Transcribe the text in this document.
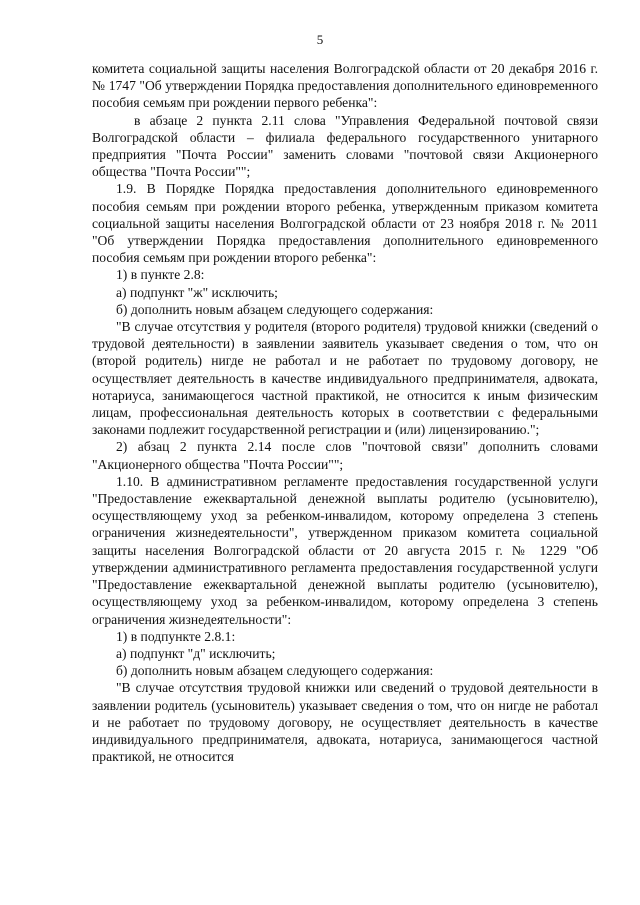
5

комитета социальной защиты населения Волгоградской области от 20 декабря 2016 г. № 1747 "Об утверждении Порядка предоставления дополнительного единовременного пособия семьям при рождении первого ребенка":

в абзаце 2 пункта 2.11 слова "Управления Федеральной почтовой связи Волгоградской области – филиала федерального государственного унитарного предприятия "Почта России" заменить словами "почтовой связи Акционерного общества "Почта России"";

1.9. В Порядке Порядка предоставления дополнительного единовременного пособия семьям при рождении второго ребенка, утвержденным приказом комитета социальной защиты населения Волгоградской области от 23 ноября 2018 г. № 2011 "Об утверждении Порядка предоставления дополнительного единовременного пособия семьям при рождении второго ребенка":

1) в пункте 2.8:

а) подпункт "ж" исключить;

б) дополнить новым абзацем следующего содержания:

"В случае отсутствия у родителя (второго родителя) трудовой книжки (сведений о трудовой деятельности) в заявлении заявитель указывает сведения о том, что он (второй родитель) нигде не работал и не работает по трудовому договору, не осуществляет деятельность в качестве индивидуального предпринимателя, адвоката, нотариуса, занимающегося частной практикой, не относится к иным физическим лицам, профессиональная деятельность которых в соответствии с федеральными законами подлежит государственной регистрации и (или) лицензированию.";

2) абзац 2 пункта 2.14 после слов "почтовой связи" дополнить словами "Акционерного общества "Почта России"";

1.10. В административном регламенте предоставления государственной услуги "Предоставление ежеквартальной денежной выплаты родителю (усыновителю), осуществляющему уход за ребенком-инвалидом, которому определена 3 степень ограничения жизнедеятельности", утвержденном приказом комитета социальной защиты населения Волгоградской области от 20 августа 2015 г. № 1229 "Об утверждении административного регламента предоставления государственной услуги "Предоставление ежеквартальной денежной выплаты родителю (усыновителю), осуществляющему уход за ребенком-инвалидом, которому определена 3 степень ограничения жизнедеятельности":

1) в подпункте 2.8.1:

а) подпункт "д" исключить;

б) дополнить новым абзацем следующего содержания:

"В случае отсутствия трудовой книжки или сведений о трудовой деятельности в заявлении родитель (усыновитель) указывает сведения о том, что он нигде не работал и не работает по трудовому договору, не осуществляет деятельность в качестве индивидуального предпринимателя, адвоката, нотариуса, занимающегося частной практикой, не относится
